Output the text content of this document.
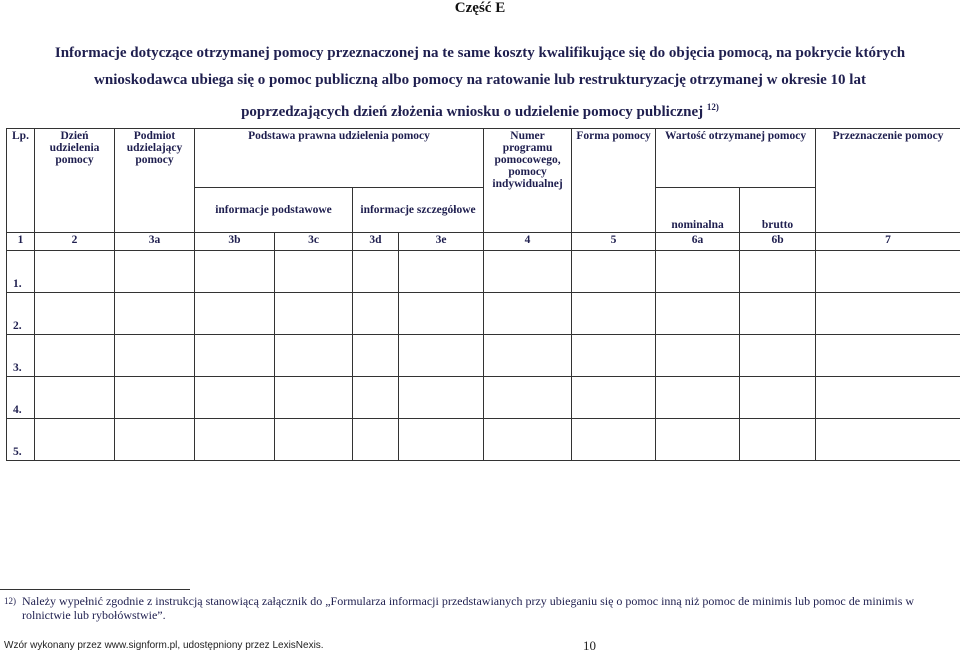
Część E
Informacje dotyczące otrzymanej pomocy przeznaczonej na te same koszty kwalifikujące się do objęcia pomocą, na pokrycie których
wnioskodawca ubiega się o pomoc publiczną albo pomocy na ratowanie lub restrukturyzację otrzymanej w okresie 10 lat
poprzedzających dzień złożenia wniosku o udzielenie pomocy publicznej $^{12)}$
Lp.	Dzień udzielenia pomocy	Podmiot udzielający pomocy	Podstawa prawna udzielenia pomocy				Numer programu pomocowego, pomocy indywidualnej	Forma pomocy	Wartość otrzymanej pomocy		Przeznaczenie pomocy
			informacje podstawowe		informacje szczegółowe				nominalna	brutto	
1	2	3a	3b	3c	3d	3e	4	5	6a	6b	7
1.											
2.											
3.											
4.											
5.											
12) Należy wypełnić zgodnie z instrukcją stanowiącą załącznik do „Formularza informacji przedstawianych przy ubieganiu się o pomoc inną niż pomoc de minimis lub pomoc de minimis w rolnictwie lub rybołówstwie”.
Wzór wykonany przez www.signform.pl, udostępniony przez LexisNexis.	10
